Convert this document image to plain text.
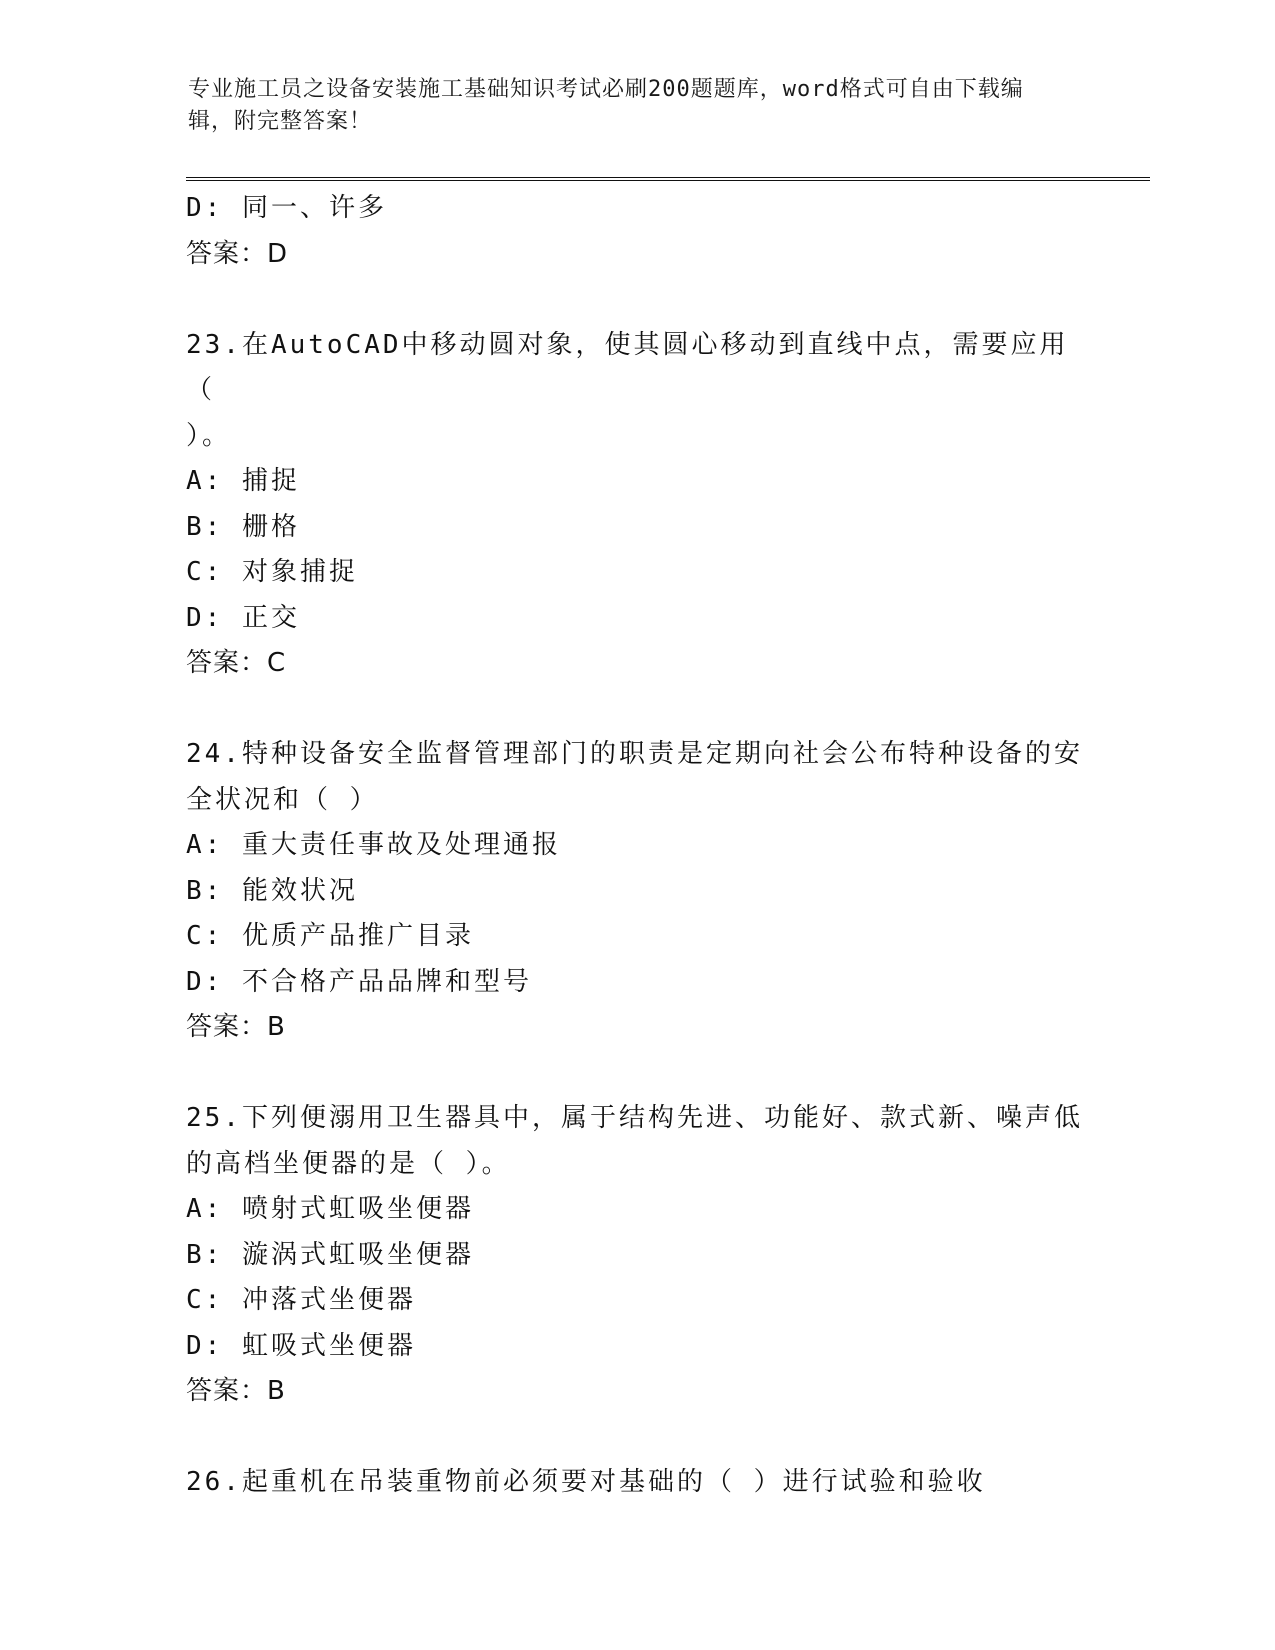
专业施工员之设备安装施工基础知识考试必刷200题题库，word格式可自由下载编辑，附完整答案！
D: 同一、许多
答案：D
23.在AutoCAD中移动圆对象，使其圆心移动到直线中点，需要应用（
）。
A: 捕捉
B: 栅格
C: 对象捕捉
D: 正交
答案：C
24.特种设备安全监督管理部门的职责是定期向社会公布特种设备的安
全状况和（ ）
A: 重大责任事故及处理通报
B: 能效状况
C: 优质产品推广目录
D: 不合格产品品牌和型号
答案：B
25.下列便溺用卫生器具中，属于结构先进、功能好、款式新、噪声低
的高档坐便器的是（ ）。
A: 喷射式虹吸坐便器
B: 漩涡式虹吸坐便器
C: 冲落式坐便器
D: 虹吸式坐便器
答案：B
26.起重机在吊装重物前必须要对基础的（ ）进行试验和验收
